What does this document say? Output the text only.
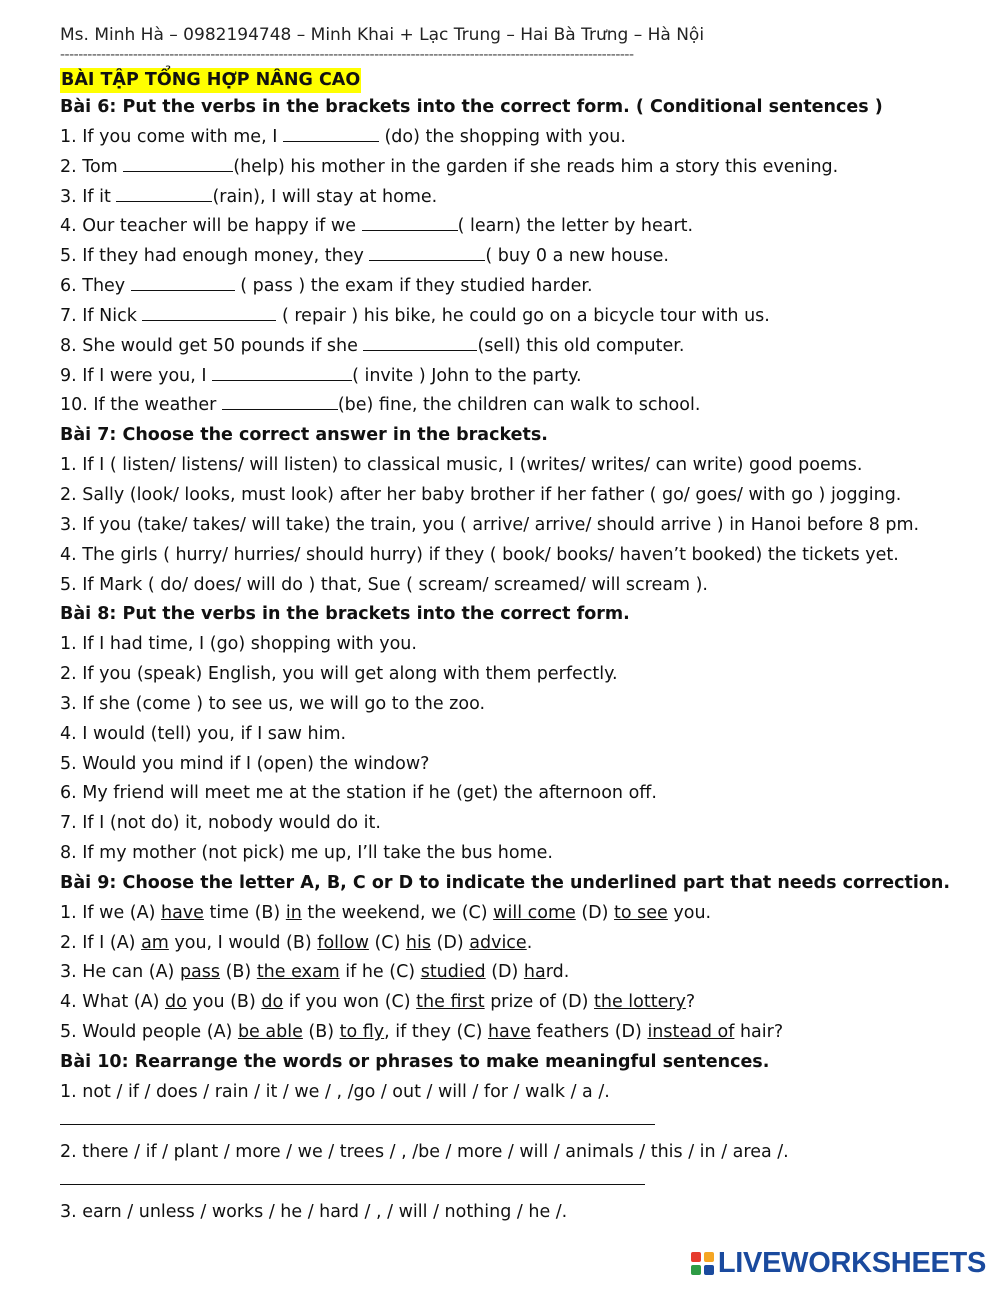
Ms. Minh Hà – 0982194748 – Minh Khai + Lạc Trung – Hai Bà Trưng – Hà Nội
------------------------------------------------------------------------------------------------------------------------------
BÀI TẬP TỔNG HỢP NÂNG CAO
Bài 6: Put the verbs in the brackets into the correct form. ( Conditional sentences )
1. If you come with me, I	(do) the shopping with you.
2. Tom	(help) his mother in the garden if she reads him a story this evening.
3. If it	(rain), I will stay at home.
4. Our teacher will be happy if we	( learn) the letter by heart.
5. If they had enough money, they	( buy 0 a new house.
6. They	( pass ) the exam if they studied harder.
7. If Nick	( repair ) his bike, he could go on a bicycle tour with us.
8. She would get 50 pounds if she	(sell) this old computer.
9. If I were you, I	( invite ) John to the party.
10. If the weather	(be) fine, the children can walk to school.
Bài 7: Choose the correct answer in the brackets.
1. If I ( listen/ listens/ will listen) to classical music, I (writes/ writes/ can write) good poems.
2. Sally (look/ looks, must look) after her baby brother if her father ( go/ goes/ with go ) jogging.
3. If you (take/ takes/ will take) the train, you ( arrive/ arrive/ should arrive ) in Hanoi before 8 pm.
4. The girls ( hurry/ hurries/ should hurry) if they ( book/ books/ haven’t booked) the tickets yet.
5. If Mark ( do/ does/ will do ) that, Sue ( scream/ screamed/ will scream ).
Bài 8: Put the verbs in the brackets into the correct form.
1. If I had time, I (go) shopping with you.
2. If you (speak) English, you will get along with them perfectly.
3. If she (come ) to see us, we will go to the zoo.
4. I would (tell) you, if I saw him.
5. Would you mind if I (open) the window?
6. My friend will meet me at the station if he (get) the afternoon off.
7. If I (not do) it, nobody would do it.
8. If my mother (not pick) me up, I’ll take the bus home.
Bài 9: Choose the letter A, B, C or D to indicate the underlined part that needs correction.
1. If we (A) have time (B) in the weekend, we (C) will come (D) to see you.
2. If I (A) am you, I would (B) follow (C) his (D) advice.
3. He can (A) pass (B) the exam if he (C) studied (D) hard.
4. What (A) do you (B) do if you won (C) the first prize of (D) the lottery?
5. Would people (A) be able (B) to fly, if they (C) have feathers (D) instead of hair?
Bài 10: Rearrange the words or phrases to make meaningful sentences.
1. not / if / does / rain / it / we / , /go / out / will / for / walk / a /.
2. there / if / plant / more / we / trees / , /be / more / will / animals / this / in / area /.
3. earn / unless / works / he / hard / , / will / nothing / he /.
LIVEWORKSHEETS
